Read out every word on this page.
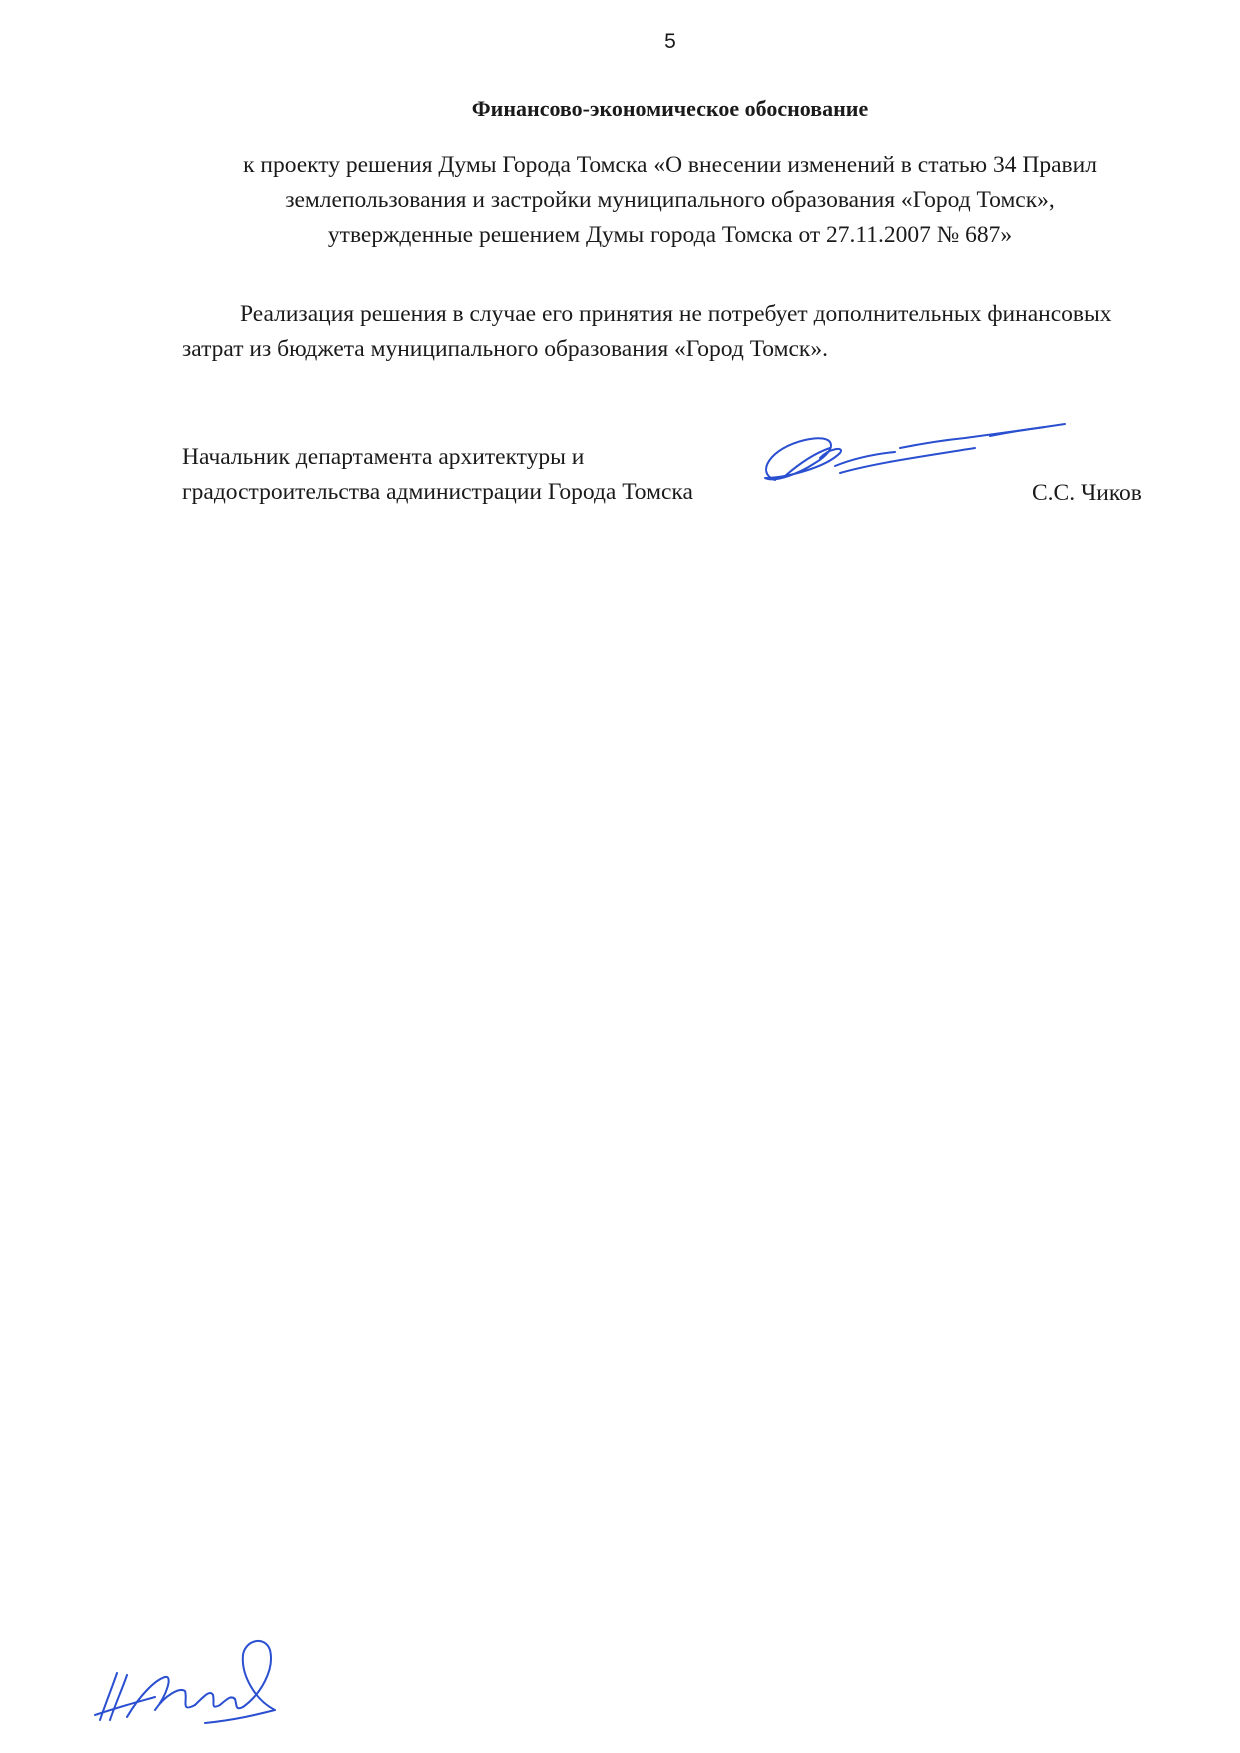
5
Финансово-экономическое обоснование
к проекту решения Думы Города Томска «О внесении изменений в статью 34 Правил
землепользования и застройки муниципального образования «Город Томск»,
утвержденные решением Думы города Томска от 27.11.2007 № 687»
Реализация решения в случае его принятия не потребует дополнительных финансовых
затрат из бюджета муниципального образования «Город Томск».
Начальник департамента архитектуры и
градостроительства администрации Города Томска	С.С. Чиков
